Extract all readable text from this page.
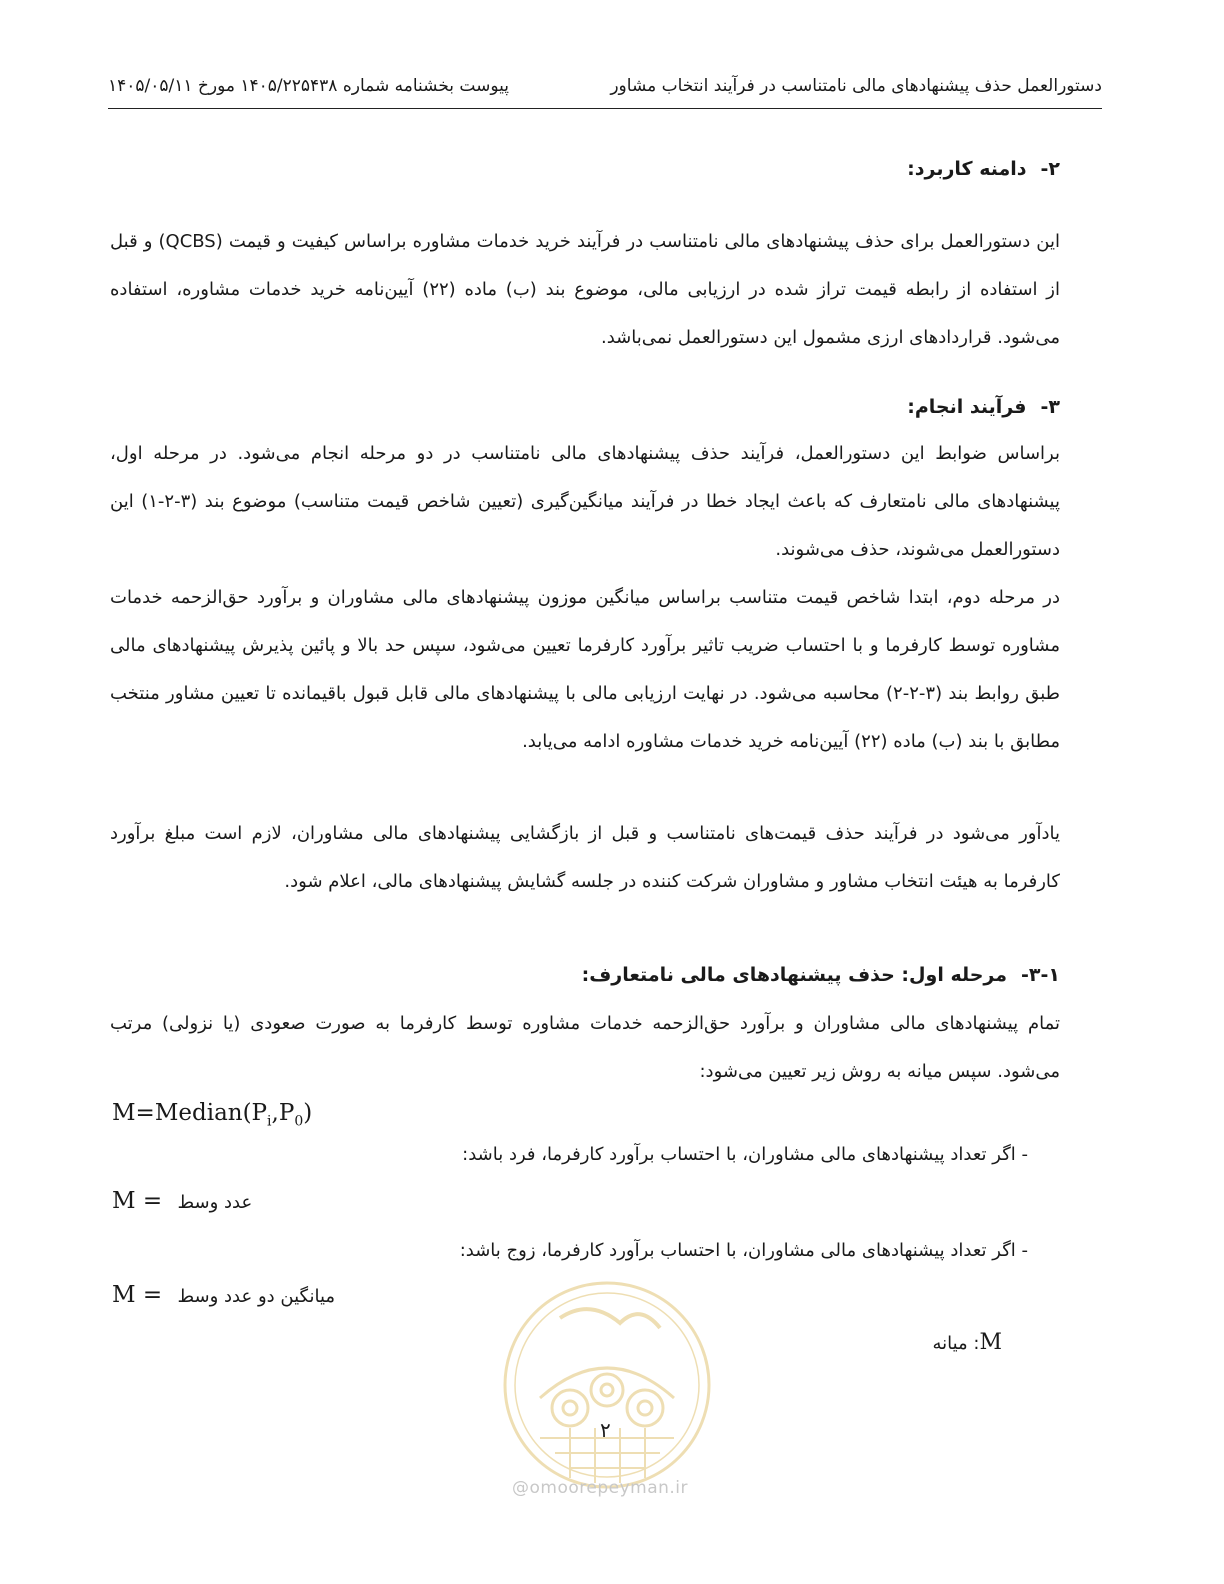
دستورالعمل حذف پیشنهادهای مالی نامتناسب در فرآیند انتخاب مشاور
پیوست بخشنامه شماره ۱۴۰۵/۲۲۵۴۳۸ مورخ ۱۴۰۵/۰۵/۱۱
۲-دامنه کاربرد:
این دستورالعمل برای حذف پیشنهادهای مالی نامتناسب در فرآیند خرید خدمات مشاوره براساس کیفیت و قیمت (QCBS) و قبل از استفاده از رابطه قیمت تراز شده در ارزیابی مالی، موضوع بند (ب) ماده (۲۲) آیین‌نامه خرید خدمات مشاوره، استفاده می‌شود. قراردادهای ارزی مشمول این دستورالعمل نمی‌باشد.
۳-فرآیند انجام:
براساس ضوابط این دستورالعمل، فرآیند حذف پیشنهادهای مالی نامتناسب در دو مرحله انجام می‌شود. در مرحله اول، پیشنهادهای مالی نامتعارف که باعث ایجاد خطا در فرآیند میانگین‌گیری (تعیین شاخص قیمت متناسب) موضوع بند (۳-۲-۱) این دستورالعمل می‌شوند، حذف می‌شوند.
در مرحله دوم، ابتدا شاخص قیمت متناسب براساس میانگین موزون پیشنهادهای مالی مشاوران و برآورد حق‌الزحمه خدمات مشاوره توسط کارفرما و با احتساب ضریب تاثیر برآورد کارفرما تعیین می‌شود، سپس حد بالا و پائین پذیرش پیشنهادهای مالی طبق روابط بند (۳-۲-۲) محاسبه می‌شود. در نهایت ارزیابی مالی با پیشنهادهای مالی قابل قبول باقیمانده تا تعیین مشاور منتخب مطابق با بند (ب) ماده (۲۲) آیین‌نامه خرید خدمات مشاوره ادامه می‌یابد.
یادآور می‌شود در فرآیند حذف قیمت‌های نامتناسب و قبل از بازگشایی پیشنهادهای مالی مشاوران، لازم است مبلغ برآورد کارفرما به هیئت انتخاب مشاور و مشاوران شرکت کننده در جلسه گشایش پیشنهادهای مالی، اعلام شود.
۳-۱-مرحله اول: حذف پیشنهادهای مالی نامتعارف:
تمام پیشنهادهای مالی مشاوران و برآورد حق‌الزحمه خدمات مشاوره توسط کارفرما به صورت صعودی (یا نزولی) مرتب می‌شود. سپس میانه به روش زیر تعیین می‌شود:
$M=Median(P_i,P_0)$
- اگر تعداد پیشنهادهای مالی مشاوران، با احتساب برآورد کارفرما، فرد باشد:
M = عدد وسط
- اگر تعداد پیشنهادهای مالی مشاوران، با احتساب برآورد کارفرما، زوج باشد:
M = میانگین دو عدد وسط
M: میانه
۲
@omoorepeyman.ir
